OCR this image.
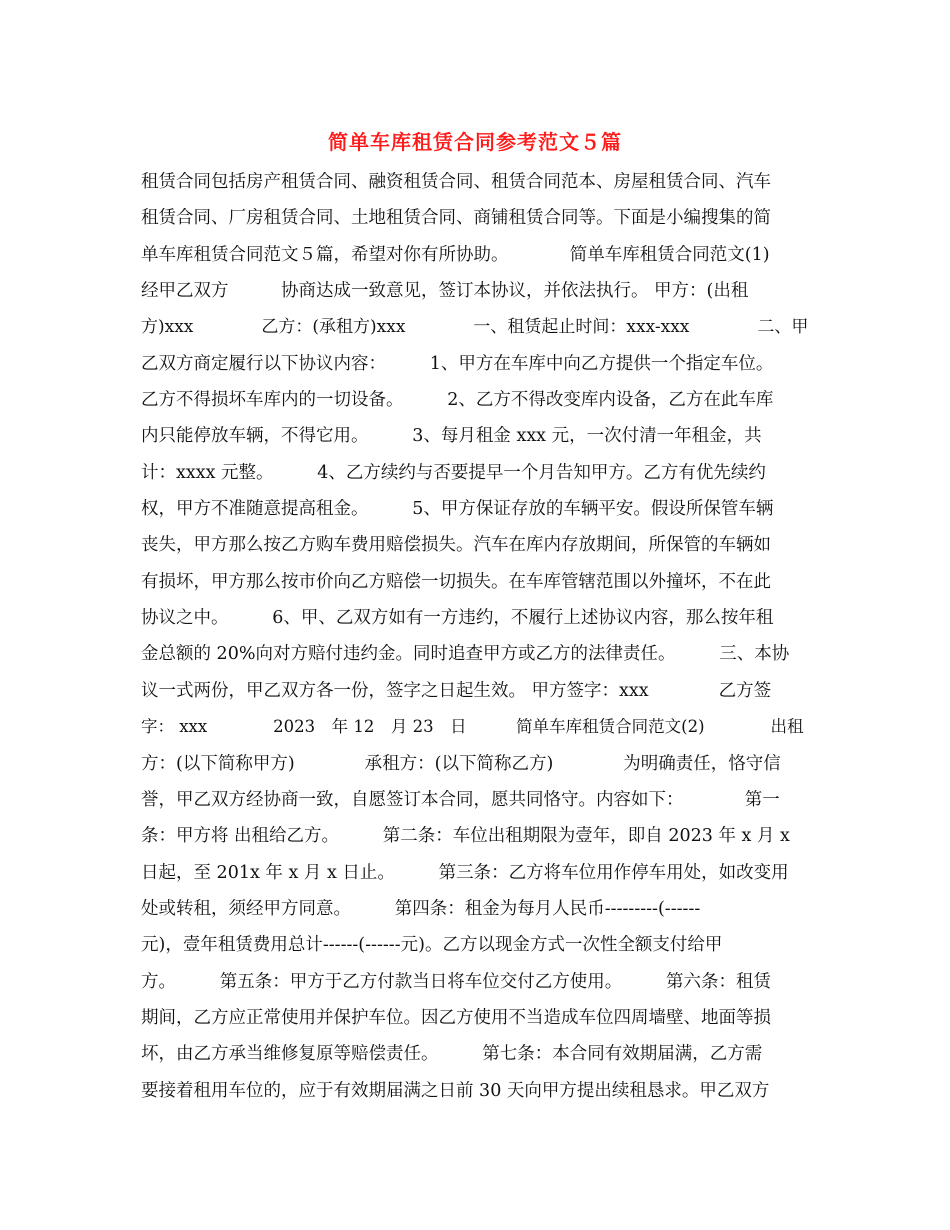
简单车库租赁合同参考范文５篇
租赁合同包括房产租赁合同、融资租赁合同、租赁合同范本、房屋租赁合同、汽车
租赁合同、厂房租赁合同、土地租赁合同、商铺租赁合同等。下面是小编搜集的简
单车库租赁合同范文５篇，希望对你有所协助。　　　　简单车库租赁合同范文(1)
经甲乙双方　　　协商达成一致意见，签订本协议，并依法执行。 甲方：(出租
方)xxx　　　　乙方：(承租方)xxx　　　　一、租赁起止时间：xxx-xxx　　　　二、甲
乙双方商定履行以下协议内容：　　　1、甲方在车库中向乙方提供一个指定车位。
乙方不得损坏车库内的一切设备。　　　2、乙方不得改变库内设备，乙方在此车库
内只能停放车辆，不得它用。　　　3、每月租金 xxx 元，一次付清一年租金，共
计：xxxx 元整。　　　4、乙方续约与否要提早一个月告知甲方。乙方有优先续约
权，甲方不准随意提高租金。　　　5、甲方保证存放的车辆平安。假设所保管车辆
丧失，甲方那么按乙方购车费用赔偿损失。汽车在库内存放期间，所保管的车辆如
有损坏，甲方那么按市价向乙方赔偿一切损失。在车库管辖范围以外撞坏，不在此
协议之中。　　　6、甲、乙双方如有一方违约，不履行上述协议内容，那么按年租
金总额的 20%向对方赔付违约金。同时追查甲方或乙方的法律责任。　　　三、本协
议一式两份，甲乙双方各一份，签字之日起生效。 甲方签字：xxx　　　　乙方签
字： xxx　　　　2023　年 12　月 23　日　　　简单车库租赁合同范文(2)　　　　出租
方：(以下简称甲方)　　　　承租方：(以下简称乙方)　　　　为明确责任，恪守信
誉，甲乙双方经协商一致，自愿签订本合同，愿共同恪守。内容如下：　　　　第一
条：甲方将 出租给乙方。　　　第二条：车位出租期限为壹年，即自 2023 年 x 月 x
日起，至 201x 年 x 月 x 日止。　　　第三条：乙方将车位用作停车用处，如改变用
处或转租，须经甲方同意。　　　第四条：租金为每月人民币---------(------
元)，壹年租赁费用总计------(------元)。乙方以现金方式一次性全额支付给甲
方。　　　第五条：甲方于乙方付款当日将车位交付乙方使用。　　　第六条：租赁
期间，乙方应正常使用并保护车位。因乙方使用不当造成车位四周墙壁、地面等损
坏，由乙方承当维修复原等赔偿责任。　　　第七条：本合同有效期届满，乙方需
要接着租用车位的，应于有效期届满之日前 30 天向甲方提出续租恳求。甲乙双方
